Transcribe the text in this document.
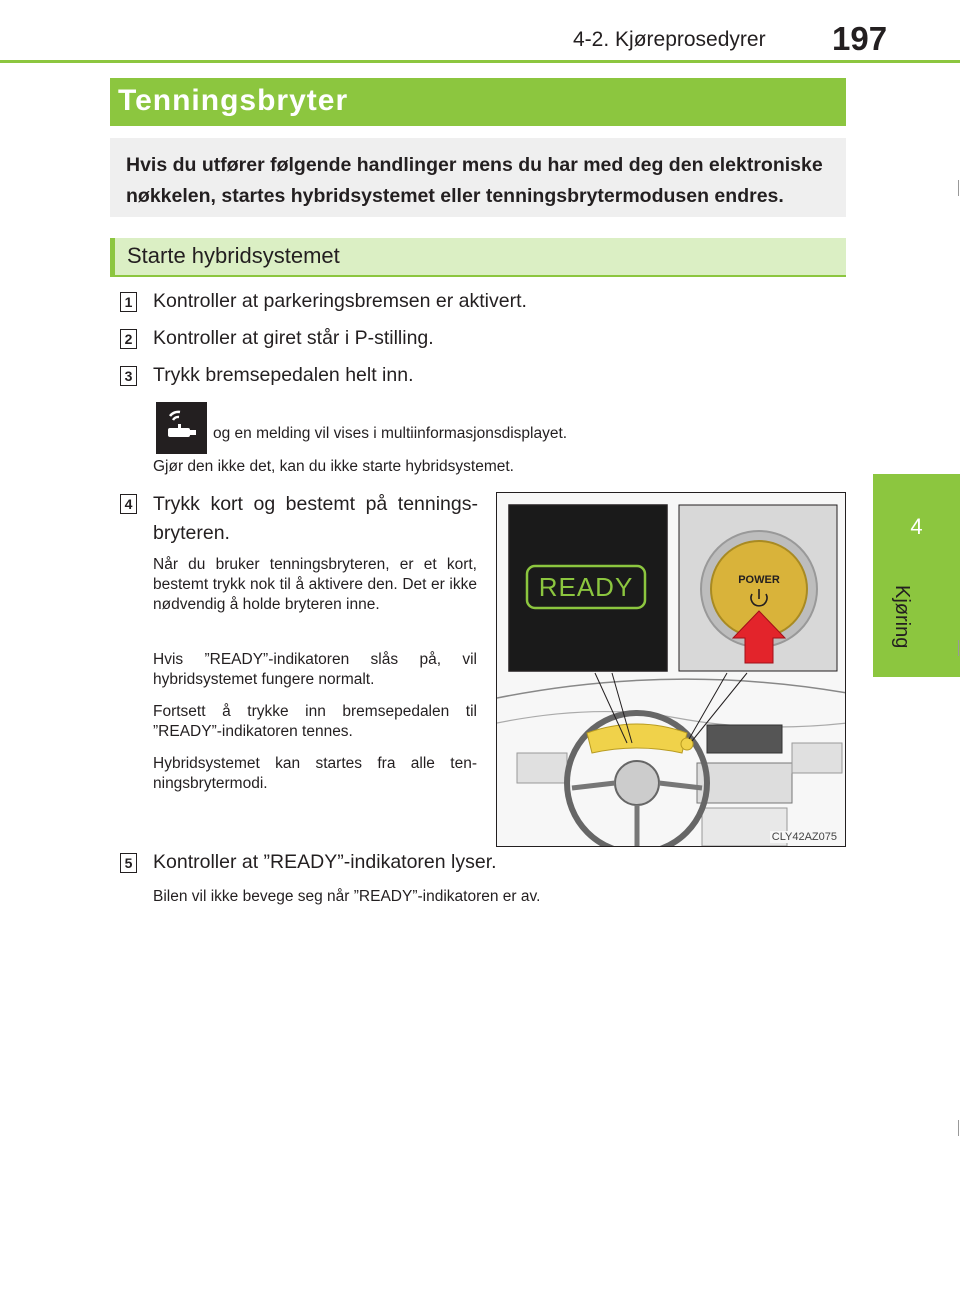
4-2. Kjøreprosedyrer 197
4
Kjøring
Tenningsbryter
Hvis du utfører følgende handlinger mens du har med deg den elektroniske nøkkelen, startes hybridsystemet eller tenningsbrytermodusen endres.
Starte hybridsystemet
1 Kontroller at parkeringsbremsen er aktivert.
2 Kontroller at giret står i P-stilling.
3 Trykk bremsepedalen helt inn.
og en melding vil vises i multiinformasjonsdisplayet.
Gjør den ikke det, kan du ikke starte hybridsystemet.
4 Trykk kort og bestemt på tennings-bryteren.
Når du bruker tenningsbryteren, er et kort, bestemt trykk nok til å aktivere den. Det er ikke nødvendig å holde bryteren inne.
Hvis ”READY”-indikatoren slås på, vil hybridsystemet fungere normalt.
Fortsett å trykke inn bremsepedalen til ”READY”-indikatoren tennes.
Hybridsystemet kan startes fra alle ten-ningsbrytermodi.
READY	POWER
CLY42AZ075
5 Kontroller at ”READY”-indikatoren lyser.
Bilen vil ikke bevege seg når ”READY”-indikatoren er av.
